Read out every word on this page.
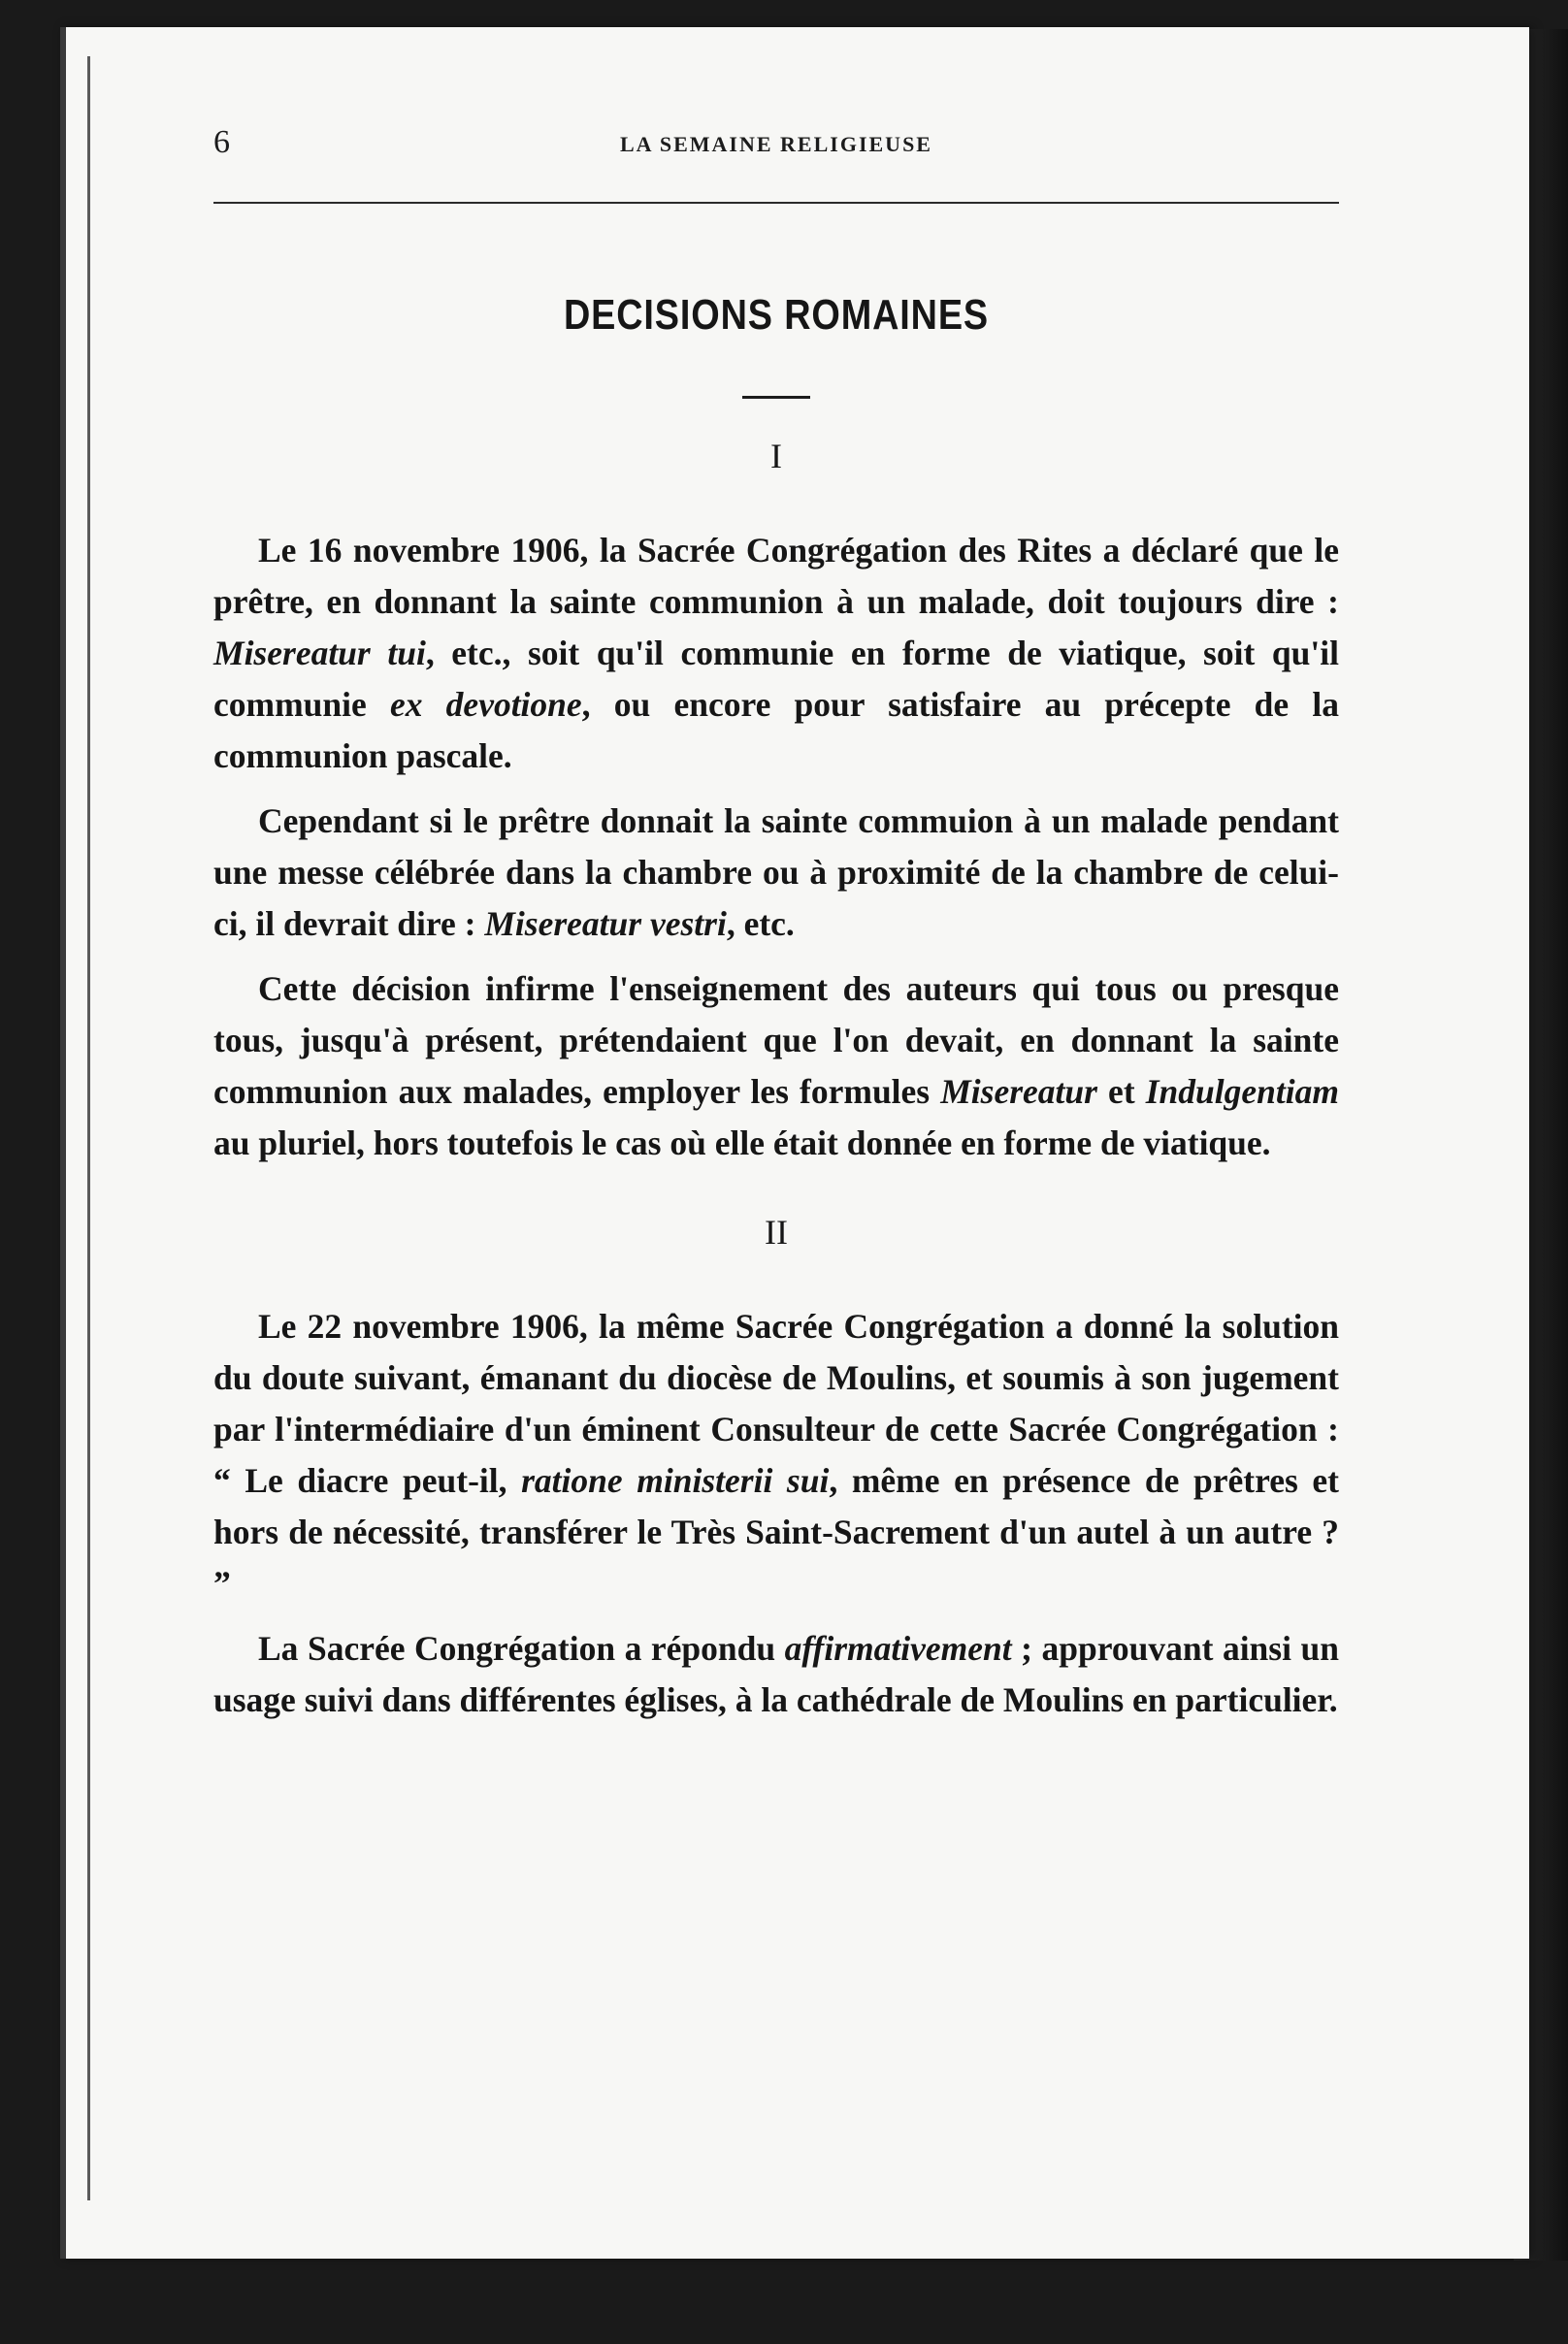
6	LA SEMAINE RELIGIEUSE
DECISIONS ROMAINES
I

Le 16 novembre 1906, la Sacrée Congrégation des Rites a déclaré que le prêtre, en donnant la sainte communion à un malade, doit toujours dire : Misereatur tui, etc., soit qu'il communie en forme de viatique, soit qu'il communie ex devotione, ou encore pour satisfaire au précepte de la communion pascale.

Cependant si le prêtre donnait la sainte commuion à un malade pendant une messe célébrée dans la chambre ou à proximité de la chambre de celui-ci, il devrait dire : Misereatur vestri, etc.

Cette décision infirme l'enseignement des auteurs qui tous ou presque tous, jusqu'à présent, prétendaient que l'on devait, en donnant la sainte communion aux malades, employer les formules Misereatur et Indulgentiam au pluriel, hors toutefois le cas où elle était donnée en forme de viatique.

II

Le 22 novembre 1906, la même Sacrée Congrégation a donné la solution du doute suivant, émanant du diocèse de Moulins, et soumis à son jugement par l'intermédiaire d'un éminent Consulteur de cette Sacrée Congrégation : “ Le diacre peut-il, ratione ministerii sui, même en présence de prêtres et hors de nécessité, transférer le Très Saint-Sacrement d'un autel à un autre ? ”

La Sacrée Congrégation a répondu affirmativement ; approuvant ainsi un usage suivi dans différentes églises, à la cathédrale de Moulins en particulier.
